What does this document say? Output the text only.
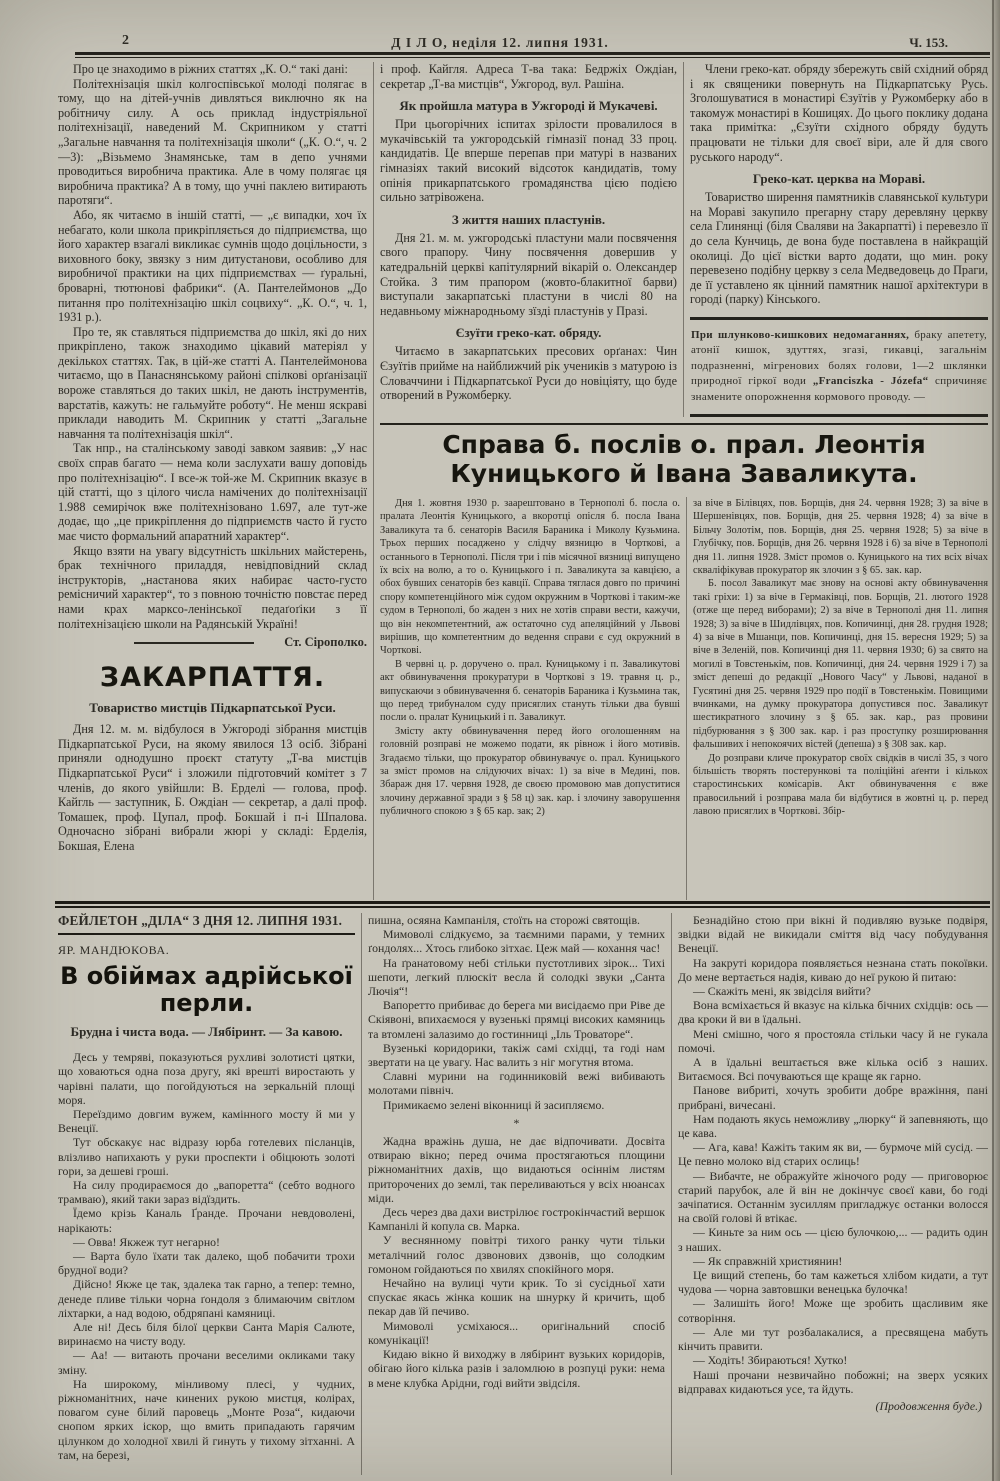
2	Д І Л О, неділя 12. липня 1931.	Ч. 153.

Про це знаходимо в ріжних статтях „К. О.“ такі дані:

Політехнізація шкіл колгоспівської молоді полягає в тому, що на дітей-учнів дивляться виключно як на робітничу силу. А ось приклад індустріяльної політехнізації, наведений М. Скрипником у статті „Загальне навчання та політехнізація школи“ („К. О.“, ч. 2—3): „Візьмемо Знамянське, там в депо учнями проводиться виробнича практика. Але в чому полягає ця виробнича практика? А в тому, що учні паклею витирають паротяги“.

Або, як читаємо в іншій статті, — „є випадки, хоч їх небагато, коли школа прикріпляється до підприємства, що його характер взагалі викликає сумнів щодо доцільности, з виховного боку, звязку з ним дитустанови, особливо для виробничої практики на цих підприємствах — ґуральні, броварні, тютюнові фабрики“. (А. Пантелеймонов „До питання про політехнізацію шкіл соцвиху“. „К. О.“, ч. 1, 1931 р.).

Про те, як ставляться підприємства до шкіл, які до них прикріплено, також знаходимо цікавий матеріял у декількох статтях. Так, в цій-же статті А. Пантелеймонова читаємо, що в Панаснянському районі спілкові орґанізації вороже ставляться до таких шкіл, не дають інструментів, варстатів, кажуть: не гальмуйте роботу“. Не менш яскраві приклади наводить М. Скрипник у статті „Загальне навчання та політехнізація шкіл“.

Так нпр., на сталінському заводі завком заявив: „У нас своїх справ багато — нема коли заслухати вашу доповідь про політехнізацію“. І все-ж той-же М. Скрипник вказує в цій статті, що з цілого числа намічених до політехнізації 1.988 семирічок вже політехнізовано 1.697, але тут-же додає, що „це прикріплення до підприємств часто й густо має чисто формальний апаратний характер“.

Якщо взяти на увагу відсутність шкільних майстерень, брак технічного приладдя, невідповідний склад інструкторів, „настанова яких набирає часто-густо ремісничий характер“, то з повною точністю повстає перед нами крах марксо-ленінської педаґоґіки з її політехнізацією школи на Радянській Україні!

Ст. Сірополко.
ЗАКАРПАТТЯ.
Товариство мистців Підкарпатської Руси.

Дня 12. м. м. відбулося в Ужгороді зібрання мистців Підкарпатської Руси, на якому явилося 13 осіб. Зібрані приняли однодушно проєкт статуту „Т-ва мистців Підкарпатської Руси“ і зложили підготовчий комітет з 7 членів, до якого увійшли: В. Ерделі — голова, проф. Кайгль — заступник, Б. Ождіан — секретар, а далі проф. Томашек, проф. Цупал, проф. Бокшай і п-і Шпалова. Одночасно зібрані вибрали жюрі у складі: Ерделія, Бокшая, Елена

і проф. Кайгля. Адреса Т-ва така: Бедржіх Ождіан, секретар „Т-ва мистців“, Ужгород, вул. Рашіна.

Як пройшла матура в Ужгороді й Мукачеві.

При цьогорічних іспитах зрілости провалилося в мукачівській та ужгородській гімназії понад 33 проц. кандидатів. Це вперше перепав при матурі в названих гімназіях такий високий відсоток кандидатів, тому опінія прикарпатського громадянства цією подією сильно затрівожена.

З життя наших пластунів.

Дня 21. м. м. ужгородські пластуни мали посвячення свого прапору. Чину посвячення довершив у катедральній церкві капітулярний вікарій о. Олександер Стойка. З тим прапором (жовто-блакитної барви) виступали закарпатські пластуни в числі 80 на недавньому міжнародньому зїзді пластунів у Празі.

Єзуїти греко-кат. обряду.

Читаємо в закарпатських пресових орґанах: Чин Єзуїтів прийме на найближчий рік учеників з матурою із Словаччини і Підкарпатської Руси до новіціяту, що буде отворений в Ружомберку.

Члени греко-кат. обряду збережуть свій східний обряд і як священики повернуть на Підкарпатську Русь. Зголошуватися в монастирі Єзуїтів у Ружомберку або в такомуж монастирі в Кошицях. До цього поклику додана така примітка: „Єзуїти східного обряду будуть працювати не тільки для своєї віри, але й для свого руського народу“.

Греко-кат. церква на Мораві.

Товариство ширення памятників славянської культури на Мораві закупило прегарну стару деревляну церкву села Глинянці (біля Сваляви на Закарпатті) і перевезло її до села Кунчиць, де вона буде поставлена в найкращій околиці. До цієї вістки варто додати, що мин. року перевезено подібну церкву з села Медведовець до Праги, де її уставлено як цінний памятник нашої архітектури в городі (парку) Кінського.

При шлунково-кишкових недомаганнях, браку апетету, атонії кишок, здуттях, згазі, гикавці, загальнім подразненні, мігренових болях голови, 1—2 шклянки природної гіркої води „Franciszka - Józefa“ спричиняє знамените опорожнення кормового проводу. —

Справа б. послів о. прал. Леонтія Куницького й Івана Заваликута.

Дня 1. жовтня 1930 р. заарештовано в Тернополі б. посла о. пралата Леонтія Куницького, а вкоротці опісля б. посла Івана Заваликута та б. сенаторів Василя Бараника і Миколу Кузьмина. Трьох перших посаджено у слідчу вязницю в Чорткові, а останнього в Тернополі. Після три і пів місячної вязниці випущено їх всіх на волю, а то о. Куницького і п. Заваликута за кавцією, а обох бувших сенаторів без кавції. Справа тяглася довго по причині спору компетенційного між судом окружним в Чорткові і таким-же судом в Тернополі, бо жаден з них не хотів справи вести, кажучи, що він некомпетентний, аж остаточно суд апеляційний у Львові вирішив, що компетентним до ведення справи є суд окружний в Чорткові.

В червні ц. р. доручено о. прал. Куницькому і п. Заваликутові акт обвинувачення прокуратури в Чорткові з 19. травня ц. р., випускаючи з обвинувачення б. сенаторів Бараника і Кузьмина так, що перед трибуналом суду присяглих стануть тільки два бувші посли о. пралат Куницький і п. Заваликут.

Змісту акту обвинувачення перед його оголошенням на головній розправі не можемо подати, як рівнож і його мотивів. Згадаємо тільки, що прокуратор обвинувачує о. прал. Куницького за зміст промов на слідуючих вічах: 1) за віче в Медині, пов. Збараж дня 17. червня 1928, де своєю промовою мав допуститися злочину державної зради з § 58 ц) зак. кар. і злочину заворушення публичного спокою з § 65 кар. зак; 2)

за віче в Білівцях, пов. Борщів, дня 24. червня 1928; 3) за віче в Шершенівцях, пов. Борщів, дня 25. червня 1928; 4) за віче в Більчу Золотім, пов. Борщів, дня 25. червня 1928; 5) за віче в Глубічку, пов. Борщів, дня 26. червня 1928 і 6) за віче в Тернополі дня 11. липня 1928. Зміст промов о. Куницького на тих всіх вічах скваліфікував прокуратор як злочин з § 65. зак. кар.

Б. посол Заваликут має знову на основі акту обвинувачення такі гріхи: 1) за віче в Гермаківці, пов. Борщів, 21. лютого 1928 (отже ще перед виборами); 2) за віче в Тернополі дня 11. липня 1928; 3) за віче в Шидлівцях, пов. Копичинці, дня 28. грудня 1928; 4) за віче в Мшанци, пов. Копичинці, дня 15. вересня 1929; 5) за віче в Зеленій, пов. Копичинці дня 11. червня 1930; 6) за свято на могилі в Товстенькім, пов. Копичинці, дня 24. червня 1929 і 7) за зміст депеші до редакції „Нового Часу“ у Львові, наданої в Гусятині дня 25. червня 1929 про події в Товстенькім. Повищими вчинками, на думку прокуратора допустився пос. Заваликут шестикратного злочину з § 65. зак. кар., раз провини підбурювання з § 300 зак. кар. і раз проступку розширювання фальшивих і непокоячих вістей (депеша) з § 308 зак. кар.

До розправи кличе прокуратор своїх свідків в числі 35, з чого більшість творять постерункові та поліційні аґенти і кількох старостинських комісарів. Акт обвинувачення є вже правосильний і розправа мала би відбутися в жовтні ц. р. перед лавою присяглих в Чорткові. Збір-

ФЕЙЛЕТОН „ДІЛА“ З ДНЯ 12. ЛИПНЯ 1931.
ЯР. МАНДЮКОВА.
В обіймах адрійської перли.
Брудна і чиста вода. — Лябіринт. — За кавою.

Десь у темряві, показуються рухливі золотисті цятки, що ховаються одна поза другу, які врешті виростають у чарівні палати, що погойдуються на зеркальній площі моря.

Переїздимо довгим вужем, камінного мосту й ми у Венеції.

Тут обскакує нас відразу юрба готелевих післанців, влізливо напихають у руки проспекти і обіцюють золоті гори, за дешеві гроші.

На силу продираємося до „вапоретта“ (себто водного трамваю), який таки зараз відїздить.

Їдемо крізь Каналь Ґранде. Прочани невдоволені, нарікають:

— Овва! Якжеж тут негарно!

— Варта було їхати так далеко, щоб побачити трохи брудної води?

Дійсно! Якже це так, здалека так гарно, а тепер: темно, денеде пливе тільки чорна ґондоля з блимаючим світлом ліхтарки, а над водою, обдряпані камяниці.

Але ні! Десь біля білої церкви Санта Марія Салюте, виринаємо на чисту воду.

— Аа! — витають прочани веселими окликами таку зміну.

На широкому, мінливому плесі, у чудних, ріжноманітних, наче кинених рукою мистця, колірах, повагом суне білий паровець „Монте Роза“, кидаючи снопом ярких іскор, що вмить припадають гарячим цілунком до холодної хвилі й гинуть у тихому зітханні. А там, на березі,

пишна, осяяна Кампаніля, стоїть на сторожі святощів.

Мимоволі слідкуємо, за таємними парами, у темних ґондолях... Хтось глибоко зітхає. Цеж май — кохання час!

На ґранатовому небі стільки пустотливих зірок... Тихі шепоти, легкий плюскіт весла й солодкі звуки „Санта Лючія“!

Вапоретто прибиває до берега ми висідаємо при Ріве де Скіявоні, впихаємося у вузенькі прямці високих камяниць та втомлені залазимо до гостинниці „Іль Троваторе“.

Вузенькі коридорики, такіж самі східці, та годі нам звертати на це увагу. Нас валить з ніг могутня втома.

Славні мурини на годинниковій вежі вибивають молотами північ.

Примикаємо зелені віконниці й засипляємо.

*

Жадна вражінь душа, не дає відпочивати. Досвіта отвираю вікно; перед очима простягаються площини ріжноманітних дахів, що видаються осіннім листям приторочених до землі, так переливаються у всіх нюансах міди.

Десь через два дахи вистрілює гострокінчастий вершок Кампанілі й копула св. Марка.

У веснянному повітрі тихого ранку чути тільки металічний голос дзвонових дзвонів, що солодким гомоном гойдаються по хвилях спокійного моря.

Нечайно на вулиці чути крик. То зі сусідньої хати спускає якась жінка кошик на шнурку й кричить, щоб пекар дав їй печиво.

Мимоволі усміхаюся... оригінальний спосіб комунікації!

Кидаю вікно й виходжу в лябіринт вузьких коридорів, обігаю його кілька разів і заломлюю в розпуці руки: нема в мене клубка Арідни, годі вийти звідсіля.

Безнадійно стою при вікні й подивляю вузьке подвіря, звідки відай не викидали сміття від часу побудування Венеції.

На закруті коридора появляється незнана стать покоївки. До мене вертається надія, киваю до неї рукою й питаю:

— Скажіть мені, як звідсіля вийти?

Вона всміхається й вказує на кілька бічних східців: ось — два кроки й ви в їдальні.

Мені смішно, чого я простояла стільки часу й не гукала помочі.

А в їдальні вештається вже кілька осіб з наших. Витаємося. Всі почуваються ще краще як гарно.

Панове вибриті, хочуть зробити добре вражіння, пані прибрані, вичесані.

Нам подають якусь неможливу „люрку“ й запевняють, що це кава.

— Ага, кава! Кажіть таким як ви, — бурмоче мій сусід. — Це певно молоко від старих ослиць!

— Вибачте, не ображуйте жіночого роду — приговорює старий парубок, але й він не докінчує своєї кави, бо годі зачіпатися. Останнім зусиллям пригладжує останки волосся на своїй голові й втікає.

— Киньте за ним ось — цією булочкою,... — радить один з наших.

— Як справжній християнин!

Це вищий степень, бо там кажеться хлібом кидати, а тут чудова — чорна завтовшки венецька булочка!

— Залишіть його! Може ще зробить щасливим яке сотворіння.

— Але ми тут розбалакалися, а пресвящена мабуть кінчить правити.

— Ходіть! Збираються! Хутко!

Наші прочани незвичайно побожні; на зверх усяких відправах кидаються усе, та йдуть.

(Продовження буде.)
